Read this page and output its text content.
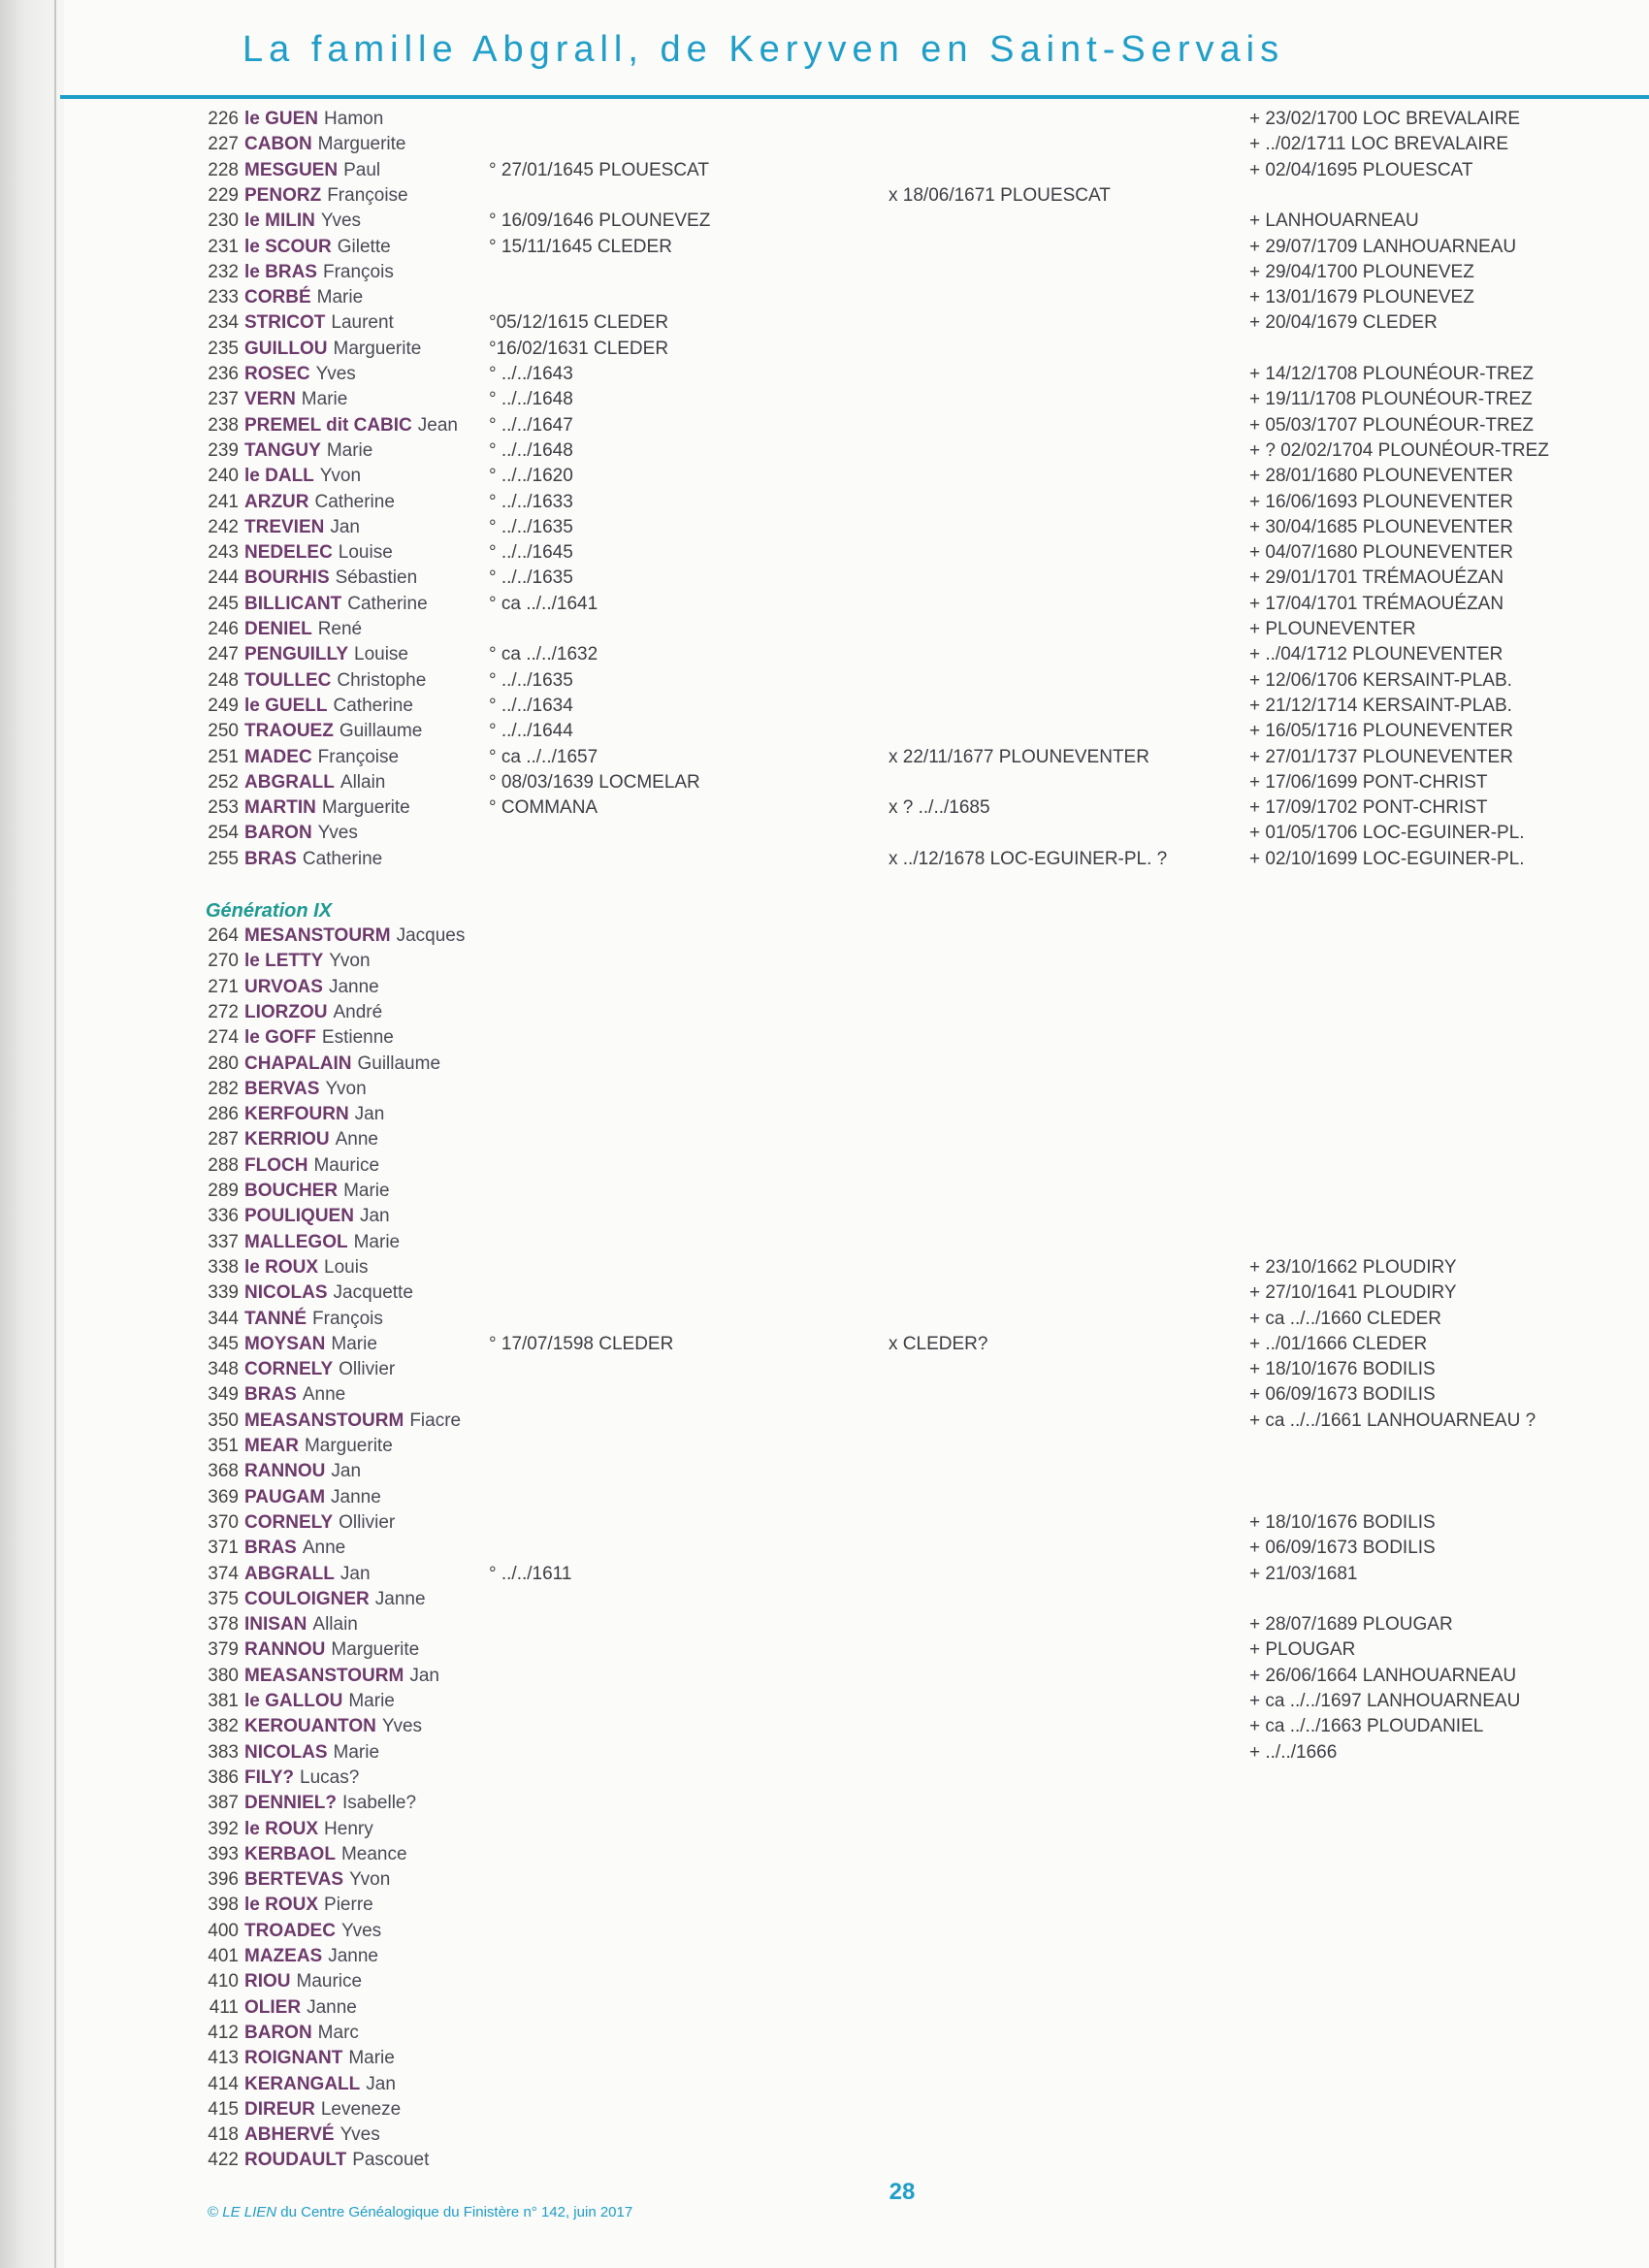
La famille Abgrall, de Keryven en Saint-Servais
Génération IX
226 le GUEN Hamon	+ 23/02/1700 LOC BREVALAIRE
227 CABON Marguerite	+ ../02/1711 LOC BREVALAIRE
228 MESGUEN Paul	° 27/01/1645 PLOUESCAT	+ 02/04/1695 PLOUESCAT
229 PENORZ Françoise	x 18/06/1671 PLOUESCAT
230 le MILIN Yves	° 16/09/1646 PLOUNEVEZ	+ LANHOUARNEAU
231 le SCOUR Gilette	° 15/11/1645 CLEDER	+ 29/07/1709 LANHOUARNEAU
232 le BRAS François	+ 29/04/1700 PLOUNEVEZ
233 CORBÉ Marie	+ 13/01/1679 PLOUNEVEZ
234 STRICOT Laurent	°05/12/1615 CLEDER	+ 20/04/1679 CLEDER
235 GUILLOU Marguerite	°16/02/1631 CLEDER
236 ROSEC Yves	° ../../1643	+ 14/12/1708 PLOUNÉOUR-TREZ
237 VERN Marie	° ../../1648	+ 19/11/1708 PLOUNÉOUR-TREZ
238 PREMEL dit CABIC Jean ° ../../1647	+ 05/03/1707 PLOUNÉOUR-TREZ
239 TANGUY Marie	° ../../1648	+ ? 02/02/1704 PLOUNÉOUR-TREZ
240 le DALL Yvon	° ../../1620	+ 28/01/1680 PLOUNEVENTER
241 ARZUR Catherine	° ../../1633	+ 16/06/1693 PLOUNEVENTER
242 TREVIEN Jan	° ../../1635	+ 30/04/1685 PLOUNEVENTER
243 NEDELEC Louise	° ../../1645	+ 04/07/1680 PLOUNEVENTER
244 BOURHIS Sébastien	° ../../1635	+ 29/01/1701 TRÉMAOUÉZAN
245 BILLICANT Catherine	° ca ../../1641	+ 17/04/1701 TRÉMAOUÉZAN
246 DENIEL René	+ PLOUNEVENTER
247 PENGUILLY Louise	° ca ../../1632	+ ../04/1712 PLOUNEVENTER
248 TOULLEC Christophe	° ../../1635	+ 12/06/1706 KERSAINT-PLAB.
249 le GUELL Catherine	° ../../1634	+ 21/12/1714 KERSAINT-PLAB.
250 TRAOUEZ Guillaume	° ../../1644	+ 16/05/1716 PLOUNEVENTER
251 MADEC Françoise	° ca ../../1657	x 22/11/1677 PLOUNEVENTER	+ 27/01/1737 PLOUNEVENTER
252 ABGRALL Allain	° 08/03/1639 LOCMELAR	+ 17/06/1699 PONT-CHRIST
253 MARTIN Marguerite	° COMMANA	x ? ../../1685	+ 17/09/1702 PONT-CHRIST
254 BARON Yves	+ 01/05/1706 LOC-EGUINER-PL.
255 BRAS Catherine	x ../12/1678 LOC-EGUINER-PL. ?	+ 02/10/1699 LOC-EGUINER-PL.
264 MESANSTOURM Jacques
270 le LETTY Yvon
271 URVOAS Janne
272 LIORZOU André
274 le GOFF Estienne
280 CHAPALAIN Guillaume
282 BERVAS Yvon
286 KERFOURN Jan
287 KERRIOU Anne
288 FLOCH Maurice
289 BOUCHER Marie
336 POULIQUEN Jan
337 MALLEGOL Marie
338 le ROUX Louis	+ 23/10/1662 PLOUDIRY
339 NICOLAS Jacquette	+ 27/10/1641 PLOUDIRY
344 TANNÉ François	+ ca ../../1660 CLEDER
345 MOYSAN Marie	° 17/07/1598 CLEDER	x CLEDER?	+ ../01/1666 CLEDER
348 CORNELY Ollivier	+ 18/10/1676 BODILIS
349 BRAS Anne	+ 06/09/1673 BODILIS
350 MEASANSTOURM Fiacre	+ ca ../../1661 LANHOUARNEAU ?
351 MEAR Marguerite
368 RANNOU Jan
369 PAUGAM Janne
370 CORNELY Ollivier	+ 18/10/1676 BODILIS
371 BRAS Anne	+ 06/09/1673 BODILIS
374 ABGRALL Jan	° ../../1611	+ 21/03/1681
375 COULOIGNER Janne
378 INISAN Allain	+ 28/07/1689 PLOUGAR
379 RANNOU Marguerite	+ PLOUGAR
380 MEASANSTOURM Jan	+ 26/06/1664 LANHOUARNEAU
381 le GALLOU Marie	+ ca ../../1697 LANHOUARNEAU
382 KEROUANTON Yves	+ ca ../../1663 PLOUDANIEL
383 NICOLAS Marie	+ ../../1666
386 FILY? Lucas?
387 DENNIEL? Isabelle?
392 le ROUX Henry
393 KERBAOL Meance
396 BERTEVAS Yvon
398 le ROUX Pierre
400 TROADEC Yves
401 MAZEAS Janne
410 RIOU Maurice
411 OLIER Janne
412 BARON Marc
413 ROIGNANT Marie
414 KERANGALL Jan
415 DIREUR Leveneze
418 ABHERVÉ Yves
422 ROUDAULT Pascouet
28
© LE LIEN du Centre Généalogique du Finistère n° 142, juin 2017
